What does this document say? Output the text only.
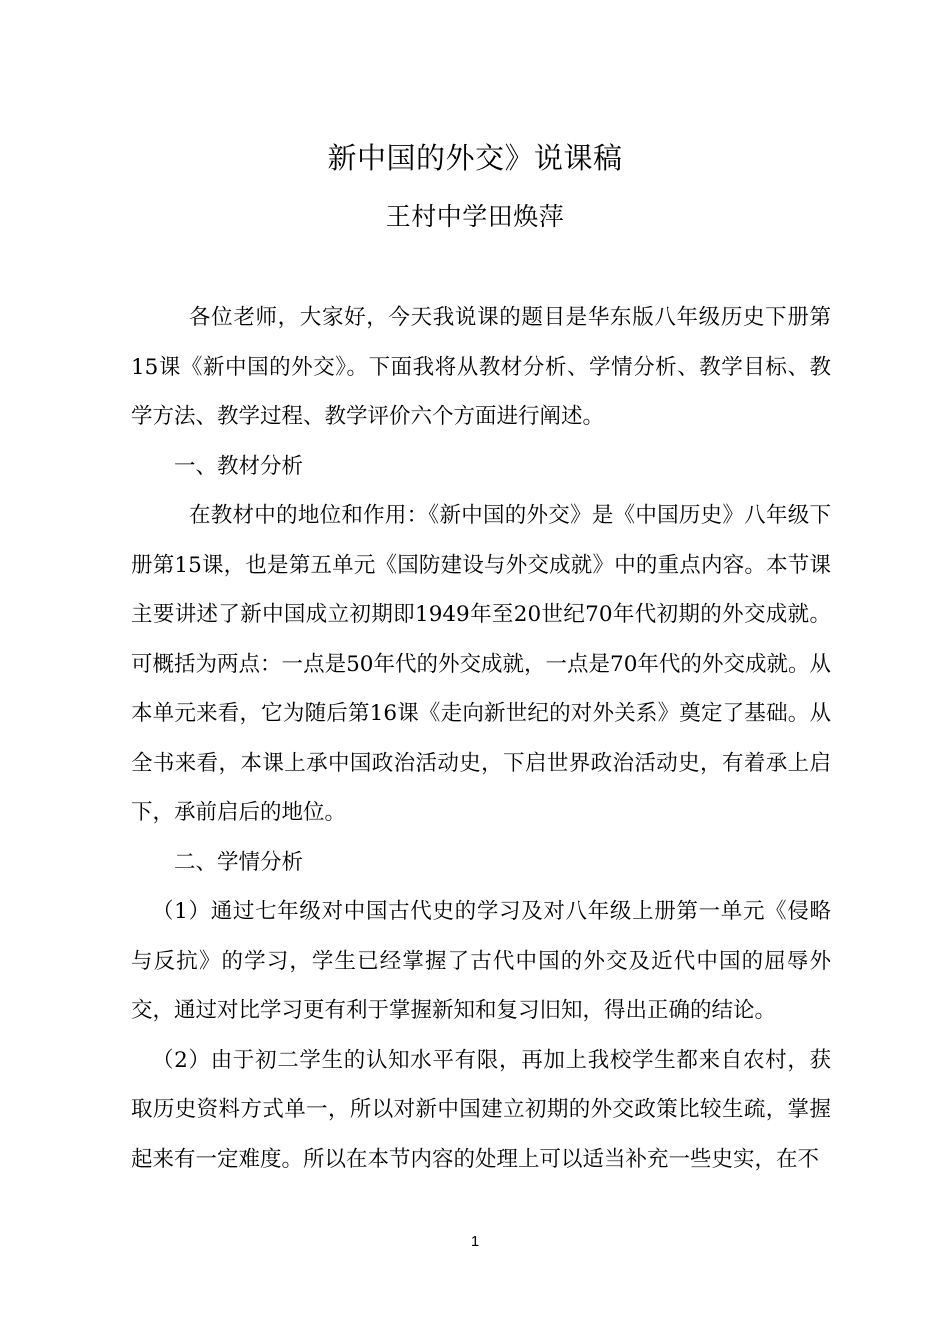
新中国的外交》说课稿
王村中学田焕萍

各位老师，大家好，今天我说课的题目是华东版八年级历史下册第15课《新中国的外交》。下面我将从教材分析、学情分析、教学目标、教学方法、教学过程、教学评价六个方面进行阐述。

一、教材分析

在教材中的地位和作用：《新中国的外交》是《中国历史》八年级下册第15课，也是第五单元《国防建设与外交成就》中的重点内容。本节课主要讲述了新中国成立初期即1949年至20世纪70年代初期的外交成就。可概括为两点：一点是50年代的外交成就，一点是70年代的外交成就。从本单元来看，它为随后第16课《走向新世纪的对外关系》奠定了基础。从全书来看，本课上承中国政治活动史，下启世界政治活动史，有着承上启下，承前启后的地位。

二、学情分析

（1）通过七年级对中国古代史的学习及对八年级上册第一单元《侵略与反抗》的学习，学生已经掌握了古代中国的外交及近代中国的屈辱外交，通过对比学习更有利于掌握新知和复习旧知，得出正确的结论。

（2）由于初二学生的认知水平有限，再加上我校学生都来自农村，获取历史资料方式单一，所以对新中国建立初期的外交政策比较生疏，掌握起来有一定难度。所以在本节内容的处理上可以适当补充一些史实，在不

1
